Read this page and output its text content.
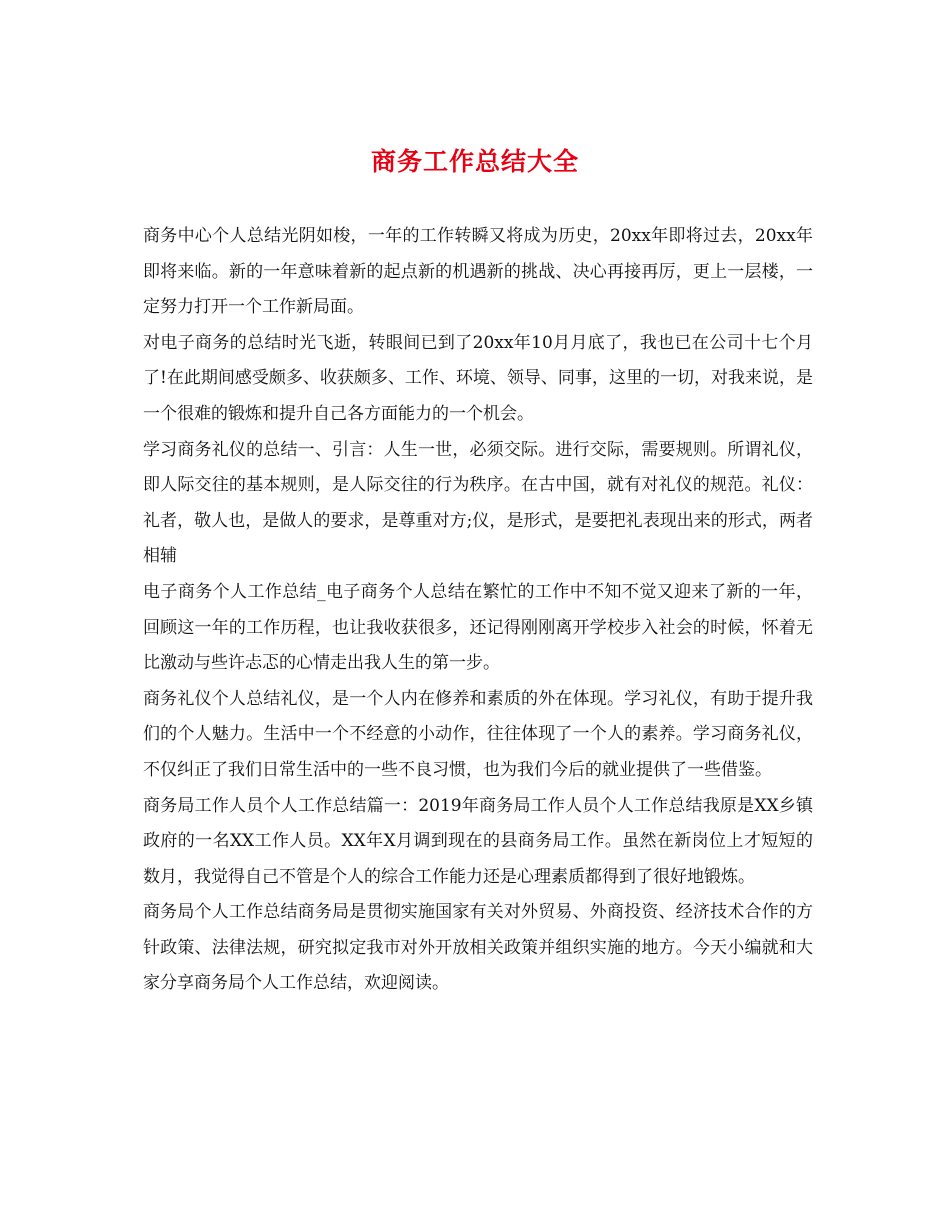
商务工作总结大全

商务中心个人总结光阴如梭，一年的工作转瞬又将成为历史，20xx年即将过去，20xx年即将来临。新的一年意味着新的起点新的机遇新的挑战、决心再接再厉，更上一层楼，一定努力打开一个工作新局面。

对电子商务的总结时光飞逝，转眼间已到了20xx年10月月底了，我也已在公司十七个月了!在此期间感受颇多、收获颇多、工作、环境、领导、同事，这里的一切，对我来说，是一个很难的锻炼和提升自己各方面能力的一个机会。

学习商务礼仪的总结一、引言：人生一世，必须交际。进行交际，需要规则。所谓礼仪，即人际交往的基本规则，是人际交往的行为秩序。在古中国，就有对礼仪的规范。礼仪：礼者，敬人也，是做人的要求，是尊重对方;仪，是形式，是要把礼表现出来的形式，两者相辅

电子商务个人工作总结_电子商务个人总结在繁忙的工作中不知不觉又迎来了新的一年，回顾这一年的工作历程，也让我收获很多，还记得刚刚离开学校步入社会的时候，怀着无比激动与些许忐忑的心情走出我人生的第一步。

商务礼仪个人总结礼仪，是一个人内在修养和素质的外在体现。学习礼仪，有助于提升我们的个人魅力。生活中一个不经意的小动作，往往体现了一个人的素养。学习商务礼仪，不仅纠正了我们日常生活中的一些不良习惯，也为我们今后的就业提供了一些借鉴。

商务局工作人员个人工作总结篇一：2019年商务局工作人员个人工作总结我原是XX乡镇政府的一名XX工作人员。XX年X月调到现在的县商务局工作。虽然在新岗位上才短短的数月，我觉得自己不管是个人的综合工作能力还是心理素质都得到了很好地锻炼。

商务局个人工作总结商务局是贯彻实施国家有关对外贸易、外商投资、经济技术合作的方针政策、法律法规，研究拟定我市对外开放相关政策并组织实施的地方。今天小编就和大家分享商务局个人工作总结，欢迎阅读。
